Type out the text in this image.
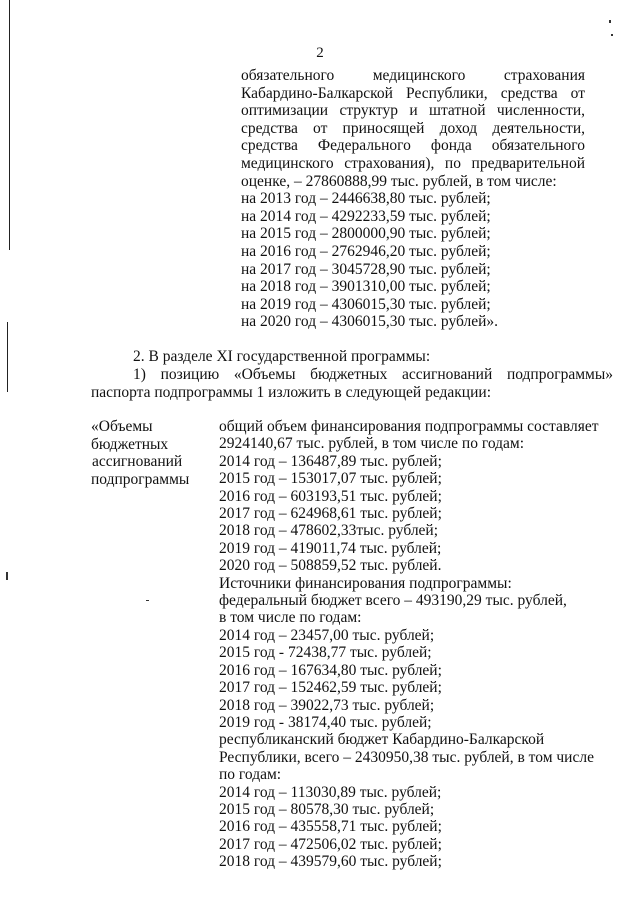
2
обязательного медицинского страхования
Кабардино-Балкарской Республики, средства от
оптимизации структур и штатной численности,
средства от приносящей доход деятельности,
средства Федерального фонда обязательного
медицинского страхования), по предварительной
оценке, – 27860888,99 тыс. рублей, в том числе:
на 2013 год – 2446638,80 тыс. рублей;
на 2014 год – 4292233,59 тыс. рублей;
на 2015 год – 2800000,90 тыс. рублей;
на 2016 год – 2762946,20 тыс. рублей;
на 2017 год – 3045728,90 тыс. рублей;
на 2018 год – 3901310,00 тыс. рублей;
на 2019 год – 4306015,30 тыс. рублей;
на 2020 год – 4306015,30 тыс. рублей».
2. В разделе XI государственной программы:
1) позицию «Объемы бюджетных ассигнований подпрограммы»
паспорта подпрограммы 1 изложить в следующей редакции:
«Объемы
бюджетных
ассигнований
подпрограммы
общий объем финансирования подпрограммы составляет
2924140,67 тыс. рублей, в том числе по годам:
2014 год – 136487,89 тыс. рублей;
2015 год – 153017,07 тыс. рублей;
2016 год – 603193,51 тыс. рублей;
2017 год – 624968,61 тыс. рублей;
2018 год – 478602,33тыс. рублей;
2019 год – 419011,74 тыс. рублей;
2020 год – 508859,52 тыс. рублей.
Источники финансирования подпрограммы:
федеральный бюджет всего – 493190,29 тыс. рублей,
в том числе по годам:
2014 год – 23457,00 тыс. рублей;
2015 год - 72438,77 тыс. рублей;
2016 год – 167634,80 тыс. рублей;
2017 год – 152462,59 тыс. рублей;
2018 год – 39022,73 тыс. рублей;
2019 год - 38174,40 тыс. рублей;
республиканский бюджет Кабардино-Балкарской
Республики, всего – 2430950,38 тыс. рублей, в том числе
по годам:
2014 год – 113030,89 тыс. рублей;
2015 год – 80578,30 тыс. рублей;
2016 год – 435558,71 тыс. рублей;
2017 год – 472506,02 тыс. рублей;
2018 год – 439579,60 тыс. рублей;
